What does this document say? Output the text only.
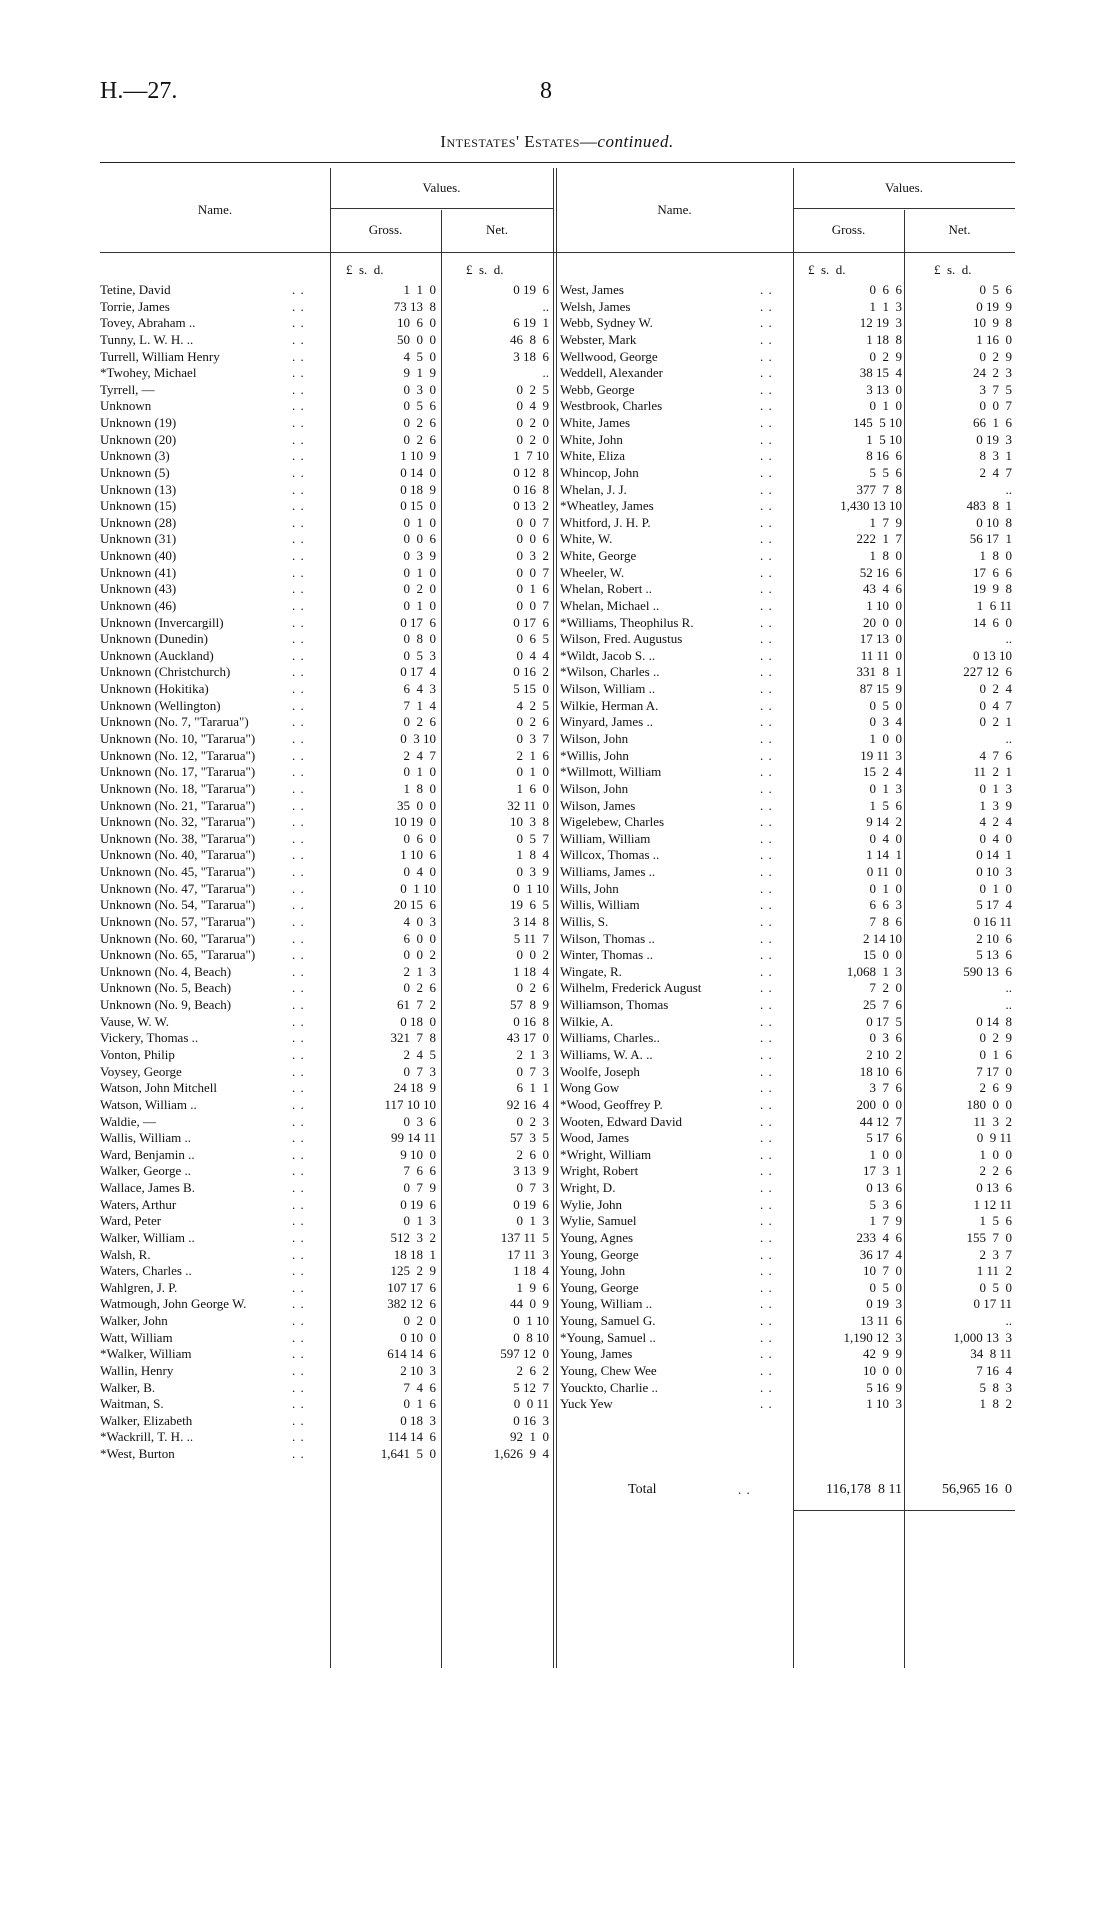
H.—27.	8
Intestates' Estates—continued.
Name.
Values.
Gross.	Net.
Name.
Values.
Gross.	Net.
£  s.  d.	£  s.  d.	£  s.  d.	£  s.  d.
Tetine, David	. .	1  1  0	0 19  6
Torrie, James	. .	73 13  8	..
Tovey, Abraham ..	. .	10  6  0	6 19  1
Tunny, L. W. H. ..	. .	50  0  0	46  8  6
Turrell, William Henry	. .	4  5  0	3 18  6
*Twohey, Michael	. .	9  1  9	..
Tyrrell, —	. .	0  3  0	0  2  5
Unknown	. .	0  5  6	0  4  9
Unknown (19)	. .	0  2  6	0  2  0
Unknown (20)	. .	0  2  6	0  2  0
Unknown (3)	. .	1 10  9	1  7 10
Unknown (5)	. .	0 14  0	0 12  8
Unknown (13)	. .	0 18  9	0 16  8
Unknown (15)	. .	0 15  0	0 13  2
Unknown (28)	. .	0  1  0	0  0  7
Unknown (31)	. .	0  0  6	0  0  6
Unknown (40)	. .	0  3  9	0  3  2
Unknown (41)	. .	0  1  0	0  0  7
Unknown (43)	. .	0  2  0	0  1  6
Unknown (46)	. .	0  1  0	0  0  7
Unknown (Invercargill)	. .	0 17  6	0 17  6
Unknown (Dunedin)	. .	0  8  0	0  6  5
Unknown (Auckland)	. .	0  5  3	0  4  4
Unknown (Christchurch)	. .	0 17  4	0 16  2
Unknown (Hokitika)	. .	6  4  3	5 15  0
Unknown (Wellington)	. .	7  1  4	4  2  5
Unknown (No. 7, "Tararua")	. .	0  2  6	0  2  6
Unknown (No. 10, "Tararua")	. .	0  3 10	0  3  7
Unknown (No. 12, "Tararua")	. .	2  4  7	2  1  6
Unknown (No. 17, "Tararua")	. .	0  1  0	0  1  0
Unknown (No. 18, "Tararua")	. .	1  8  0	1  6  0
Unknown (No. 21, "Tararua")	. .	35  0  0	32 11  0
Unknown (No. 32, "Tararua")	. .	10 19  0	10  3  8
Unknown (No. 38, "Tararua")	. .	0  6  0	0  5  7
Unknown (No. 40, "Tararua")	. .	1 10  6	1  8  4
Unknown (No. 45, "Tararua")	. .	0  4  0	0  3  9
Unknown (No. 47, "Tararua")	. .	0  1 10	0  1 10
Unknown (No. 54, "Tararua")	. .	20 15  6	19  6  5
Unknown (No. 57, "Tararua")	. .	4  0  3	3 14  8
Unknown (No. 60, "Tararua")	. .	6  0  0	5 11  7
Unknown (No. 65, "Tararua")	. .	0  0  2	0  0  2
Unknown (No. 4, Beach)	. .	2  1  3	1 18  4
Unknown (No. 5, Beach)	. .	0  2  6	0  2  6
Unknown (No. 9, Beach)	. .	61  7  2	57  8  9
Vause, W. W.	. .	0 18  0	0 16  8
Vickery, Thomas ..	. .	321  7  8	43 17  0
Vonton, Philip	. .	2  4  5	2  1  3
Voysey, George	. .	0  7  3	0  7  3
Watson, John Mitchell	. .	24 18  9	6  1  1
Watson, William ..	. .	117 10 10	92 16  4
Waldie, —	. .	0  3  6	0  2  3
Wallis, William ..	. .	99 14 11	57  3  5
Ward, Benjamin ..	. .	9 10  0	2  6  0
Walker, George ..	. .	7  6  6	3 13  9
Wallace, James B.	. .	0  7  9	0  7  3
Waters, Arthur	. .	0 19  6	0 19  6
Ward, Peter	. .	0  1  3	0  1  3
Walker, William ..	. .	512  3  2	137 11  5
Walsh, R.	. .	18 18  1	17 11  3
Waters, Charles ..	. .	125  2  9	1 18  4
Wahlgren, J. P.	. .	107 17  6	1  9  6
Watmough, John George W.	. .	382 12  6	44  0  9
Walker, John	. .	0  2  0	0  1 10
Watt, William	. .	0 10  0	0  8 10
*Walker, William	. .	614 14  6	597 12  0
Wallin, Henry	. .	2 10  3	2  6  2
Walker, B.	. .	7  4  6	5 12  7
Waitman, S.	. .	0  1  6	0  0 11
Walker, Elizabeth	. .	0 18  3	0 16  3
*Wackrill, T. H. ..	. .	114 14  6	92  1  0
*West, Burton	. .	1,641  5  0	1,626  9  4
West, James	. .	0  6  6	0  5  6
Welsh, James	. .	1  1  3	0 19  9
Webb, Sydney W.	. .	12 19  3	10  9  8
Webster, Mark	. .	1 18  8	1 16  0
Wellwood, George	. .	0  2  9	0  2  9
Weddell, Alexander	. .	38 15  4	24  2  3
Webb, George	. .	3 13  0	3  7  5
Westbrook, Charles	. .	0  1  0	0  0  7
White, James	. .	145  5 10	66  1  6
White, John	. .	1  5 10	0 19  3
White, Eliza	. .	8 16  6	8  3  1
Whincop, John	. .	5  5  6	2  4  7
Whelan, J. J.	. .	377  7  8	..
*Wheatley, James	. .	1,430 13 10	483  8  1
Whitford, J. H. P.	. .	1  7  9	0 10  8
White, W.	. .	222  1  7	56 17  1
White, George	. .	1  8  0	1  8  0
Wheeler, W.	. .	52 16  6	17  6  6
Whelan, Robert ..	. .	43  4  6	19  9  8
Whelan, Michael ..	. .	1 10  0	1  6 11
*Williams, Theophilus R.	. .	20  0  0	14  6  0
Wilson, Fred. Augustus	. .	17 13  0	..
*Wildt, Jacob S. ..	. .	11 11  0	0 13 10
*Wilson, Charles ..	. .	331  8  1	227 12  6
Wilson, William ..	. .	87 15  9	0  2  4
Wilkie, Herman A.	. .	0  5  0	0  4  7
Winyard, James ..	. .	0  3  4	0  2  1
Wilson, John	. .	1  0  0	..
*Willis, John	. .	19 11  3	4  7  6
*Willmott, William	. .	15  2  4	11  2  1
Wilson, John	. .	0  1  3	0  1  3
Wilson, James	. .	1  5  6	1  3  9
Wigelebew, Charles	. .	9 14  2	4  2  4
William, William	. .	0  4  0	0  4  0
Willcox, Thomas ..	. .	1 14  1	0 14  1
Williams, James ..	. .	0 11  0	0 10  3
Wills, John	. .	0  1  0	0  1  0
Willis, William	. .	6  6  3	5 17  4
Willis, S.	. .	7  8  6	0 16 11
Wilson, Thomas ..	. .	2 14 10	2 10  6
Winter, Thomas ..	. .	15  0  0	5 13  6
Wingate, R.	. .	1,068  1  3	590 13  6
Wilhelm, Frederick August	. .	7  2  0	..
Williamson, Thomas	. .	25  7  6	..
Wilkie, A.	. .	0 17  5	0 14  8
Williams, Charles..	. .	0  3  6	0  2  9
Williams, W. A. ..	. .	2 10  2	0  1  6
Woolfe, Joseph	. .	18 10  6	7 17  0
Wong Gow	. .	3  7  6	2  6  9
*Wood, Geoffrey P.	. .	200  0  0	180  0  0
Wooten, Edward David	. .	44 12  7	11  3  2
Wood, James	. .	5 17  6	0  9 11
*Wright, William	. .	1  0  0	1  0  0
Wright, Robert	. .	17  3  1	2  2  6
Wright, D.	. .	0 13  6	0 13  6
Wylie, John	. .	5  3  6	1 12 11
Wylie, Samuel	. .	1  7  9	1  5  6
Young, Agnes	. .	233  4  6	155  7  0
Young, George	. .	36 17  4	2  3  7
Young, John	. .	10  7  0	1 11  2
Young, George	. .	0  5  0	0  5  0
Young, William ..	. .	0 19  3	0 17 11
Young, Samuel G.	. .	13 11  6	..
*Young, Samuel ..	. .	1,190 12  3	1,000 13  3
Young, James	. .	42  9  9	34  8 11
Young, Chew Wee	. .	10  0  0	7 16  4
Youckto, Charlie ..	. .	5 16  9	5  8  3
Yuck Yew	. .	1 10  3	1  8  2
Total	. .	116,178  8 11	56,965 16  0
